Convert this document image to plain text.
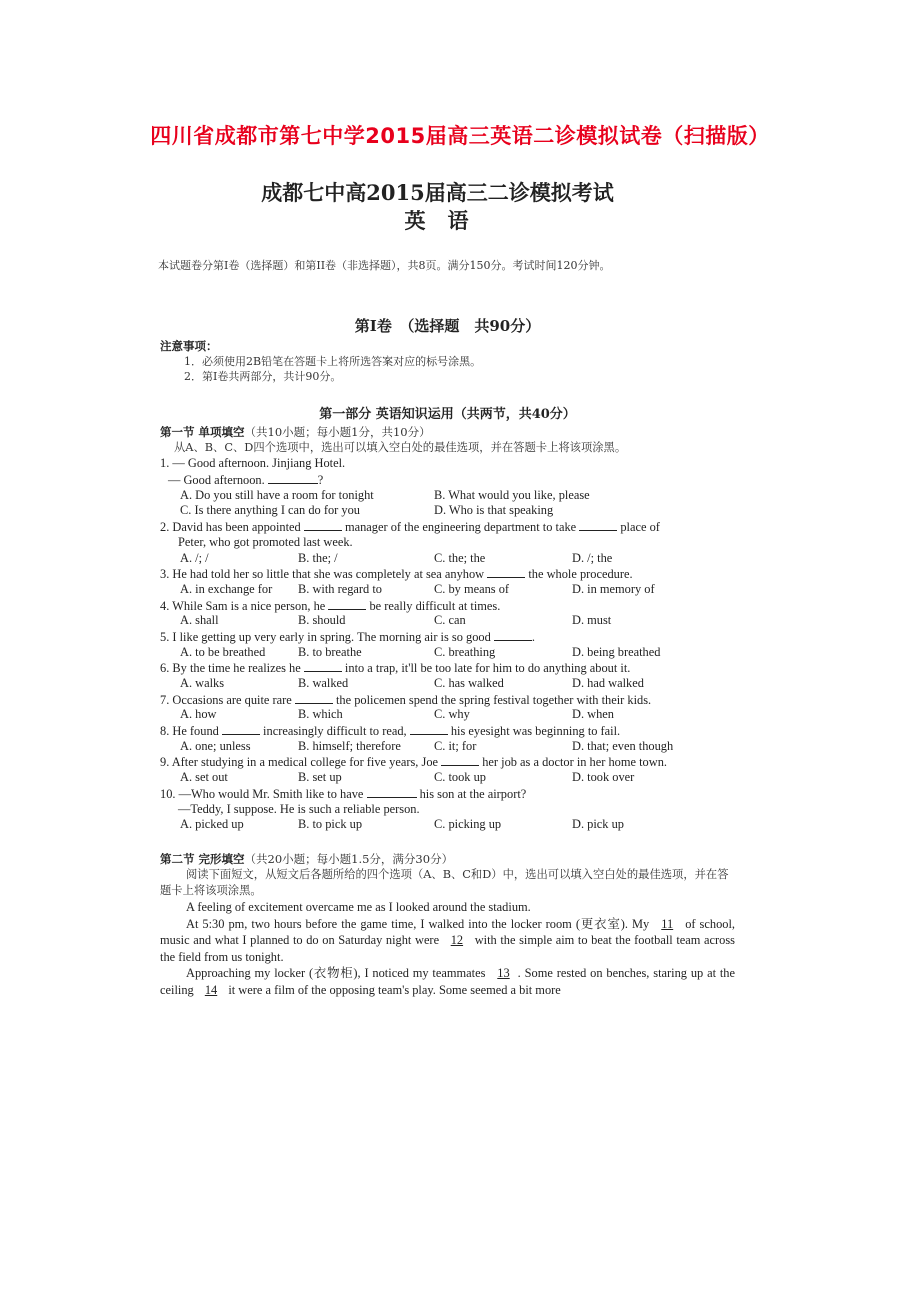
四川省成都市第七中学2015届高三英语二诊模拟试卷（扫描版）
成都七中高2015届高三二诊模拟考试
英语
本试题卷分第I卷（选择题）和第II卷（非选择题），共8页。满分150分。考试时间120分钟。
第I卷　（选择题　共90分）
注意事项：
1．必须使用2B铅笔在答题卡上将所选答案对应的标号涂黑。
2．第I卷共两部分，共计90分。
第一部分 英语知识运用（共两节，共40分）
第一节 单项填空（共10小题；每小题1分，共10分）
从A、B、C、D四个选项中，选出可以填入空白处的最佳选项，并在答题卡上将该项涂黑。
1. — Good afternoon. Jinjiang Hotel.
— Good afternoon.	?
A. Do you still have a room for tonight	B. What would you like, please
C. Is there anything I can do for you	D. Who is that speaking
2. David has been appointed	manager of the engineering department to take	place of
Peter, who got promoted last week.
A. /; /	B. the; /	C. the; the	D. /; the
3. He had told her so little that she was completely at sea anyhow	the whole procedure.
A. in exchange for	B. with regard to	C. by means of	D. in memory of
4. While Sam is a nice person, he	be really difficult at times.
A. shall	B. should	C. can	D. must
5. I like getting up very early in spring. The morning air is so good	.
A. to be breathed	B. to breathe	C. breathing	D. being breathed
6. By the time he realizes he	into a trap, it'll be too late for him to do anything about it.
A. walks	B. walked	C. has walked	D. had walked
7. Occasions are quite rare	the policemen spend the spring festival together with their kids.
A. how	B. which	C. why	D. when
8. He found	increasingly difficult to read,	his eyesight was beginning to fail.
A. one; unless	B. himself; therefore	C. it; for	D. that; even though
9. After studying in a medical college for five years, Joe	her job as a doctor in her home town.
A. set out	B. set up	C. took up	D. took over
10. —Who would Mr. Smith like to have	his son at the airport?
—Teddy, I suppose. He is such a reliable person.
A. picked up	B. to pick up	C. picking up	D. pick up
第二节 完形填空（共20小题；每小题1.5分，满分30分）
阅读下面短文，从短文后各题所给的四个选项（A、B、C和D）中，选出可以填入空白处的最佳选项，并在答题卡上将该项涂黑。
A feeling of excitement overcame me as I looked around the stadium.
At 5:30 pm, two hours before the game time, I walked into the locker room (更衣室). My 11 of school, music and what I planned to do on Saturday night were 12 with the simple aim to beat the football team across the field from us tonight.
Approaching my locker (衣物柜), I noticed my teammates 13 . Some rested on benches, staring up at the ceiling 14 it were a film of the opposing team's play. Some seemed a bit more
